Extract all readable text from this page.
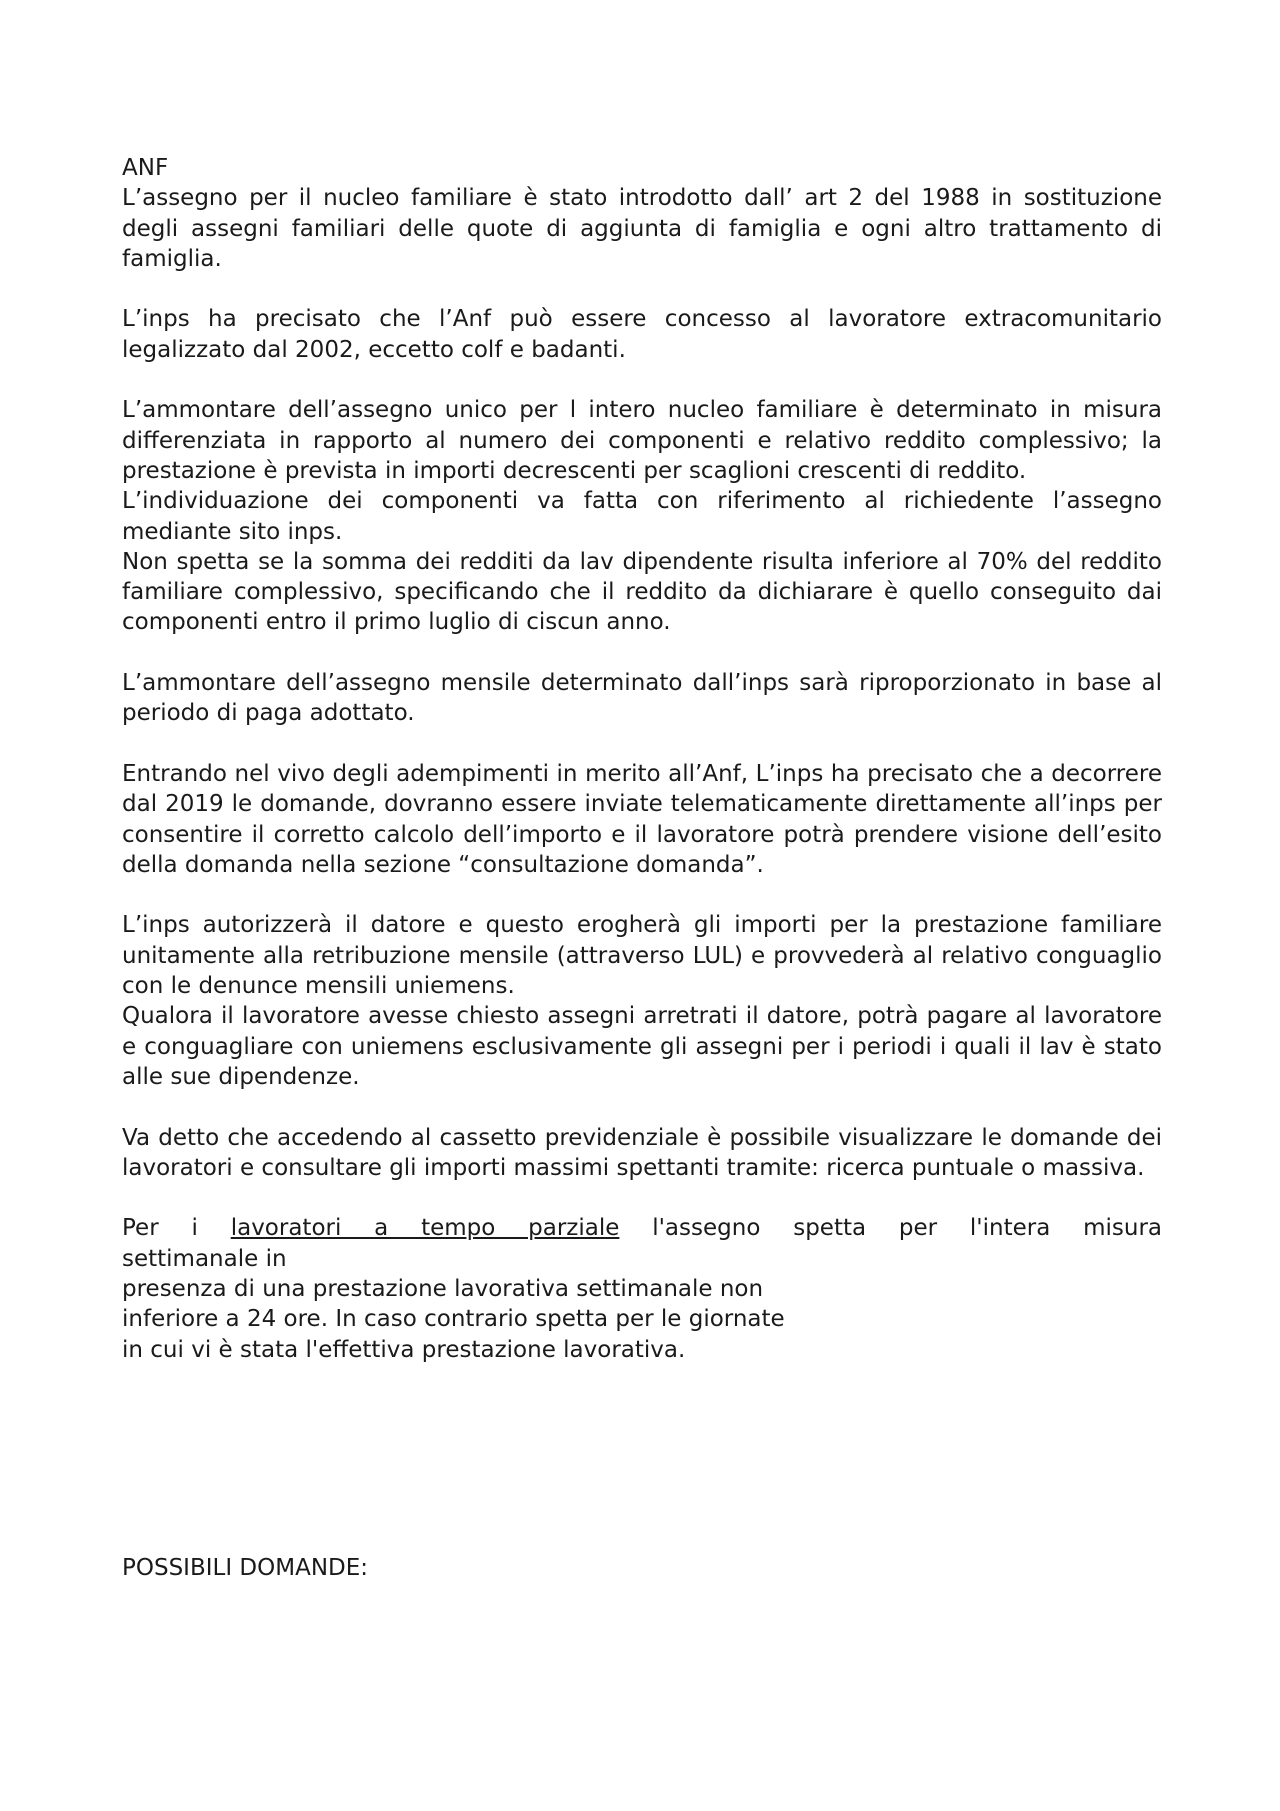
ANF

L’assegno per il nucleo familiare è stato introdotto dall’ art 2 del 1988 in sostituzione degli assegni familiari delle quote di aggiunta di famiglia e ogni altro trattamento di famiglia.

L’inps ha precisato che l’Anf può essere concesso al lavoratore extracomunitario legalizzato dal 2002, eccetto colf e badanti.

L’ammontare dell’assegno unico per l intero nucleo familiare è determinato in misura differenziata in rapporto al numero dei componenti e relativo reddito complessivo; la prestazione è prevista in importi decrescenti per scaglioni crescenti di reddito.

L’individuazione dei componenti va fatta con riferimento al richiedente l’assegno mediante sito inps.

Non spetta se la somma dei redditi da lav dipendente risulta inferiore al 70% del reddito familiare complessivo, specificando che il reddito da dichiarare è quello conseguito dai componenti entro il primo luglio di ciscun anno.

L’ammontare dell’assegno mensile determinato dall’inps sarà riproporzionato in base al periodo di paga adottato.

Entrando nel vivo degli adempimenti in merito all’Anf, L’inps ha precisato che a decorrere dal 2019 le domande, dovranno essere inviate telematicamente direttamente all’inps per consentire il corretto calcolo dell’importo e il lavoratore potrà prendere visione dell’esito della domanda nella sezione “consultazione domanda”.

L’inps autorizzerà il datore e questo erogherà gli importi per la prestazione familiare unitamente alla retribuzione mensile (attraverso LUL) e provvederà al relativo conguaglio con le denunce mensili uniemens.

Qualora il lavoratore avesse chiesto assegni arretrati il datore, potrà pagare al lavoratore e conguagliare con uniemens esclusivamente gli assegni per i periodi i quali il lav è stato alle sue dipendenze.

Va detto che accedendo al cassetto previdenziale è possibile visualizzare le domande dei lavoratori e consultare gli importi massimi spettanti tramite: ricerca puntuale o massiva.

Per i lavoratori a tempo parziale l'assegno spetta per l'intera misura
settimanale in
presenza di una prestazione lavorativa settimanale non
inferiore a 24 ore. In caso contrario spetta per le giornate
in cui vi è stata l'effettiva prestazione lavorativa.

POSSIBILI DOMANDE:
